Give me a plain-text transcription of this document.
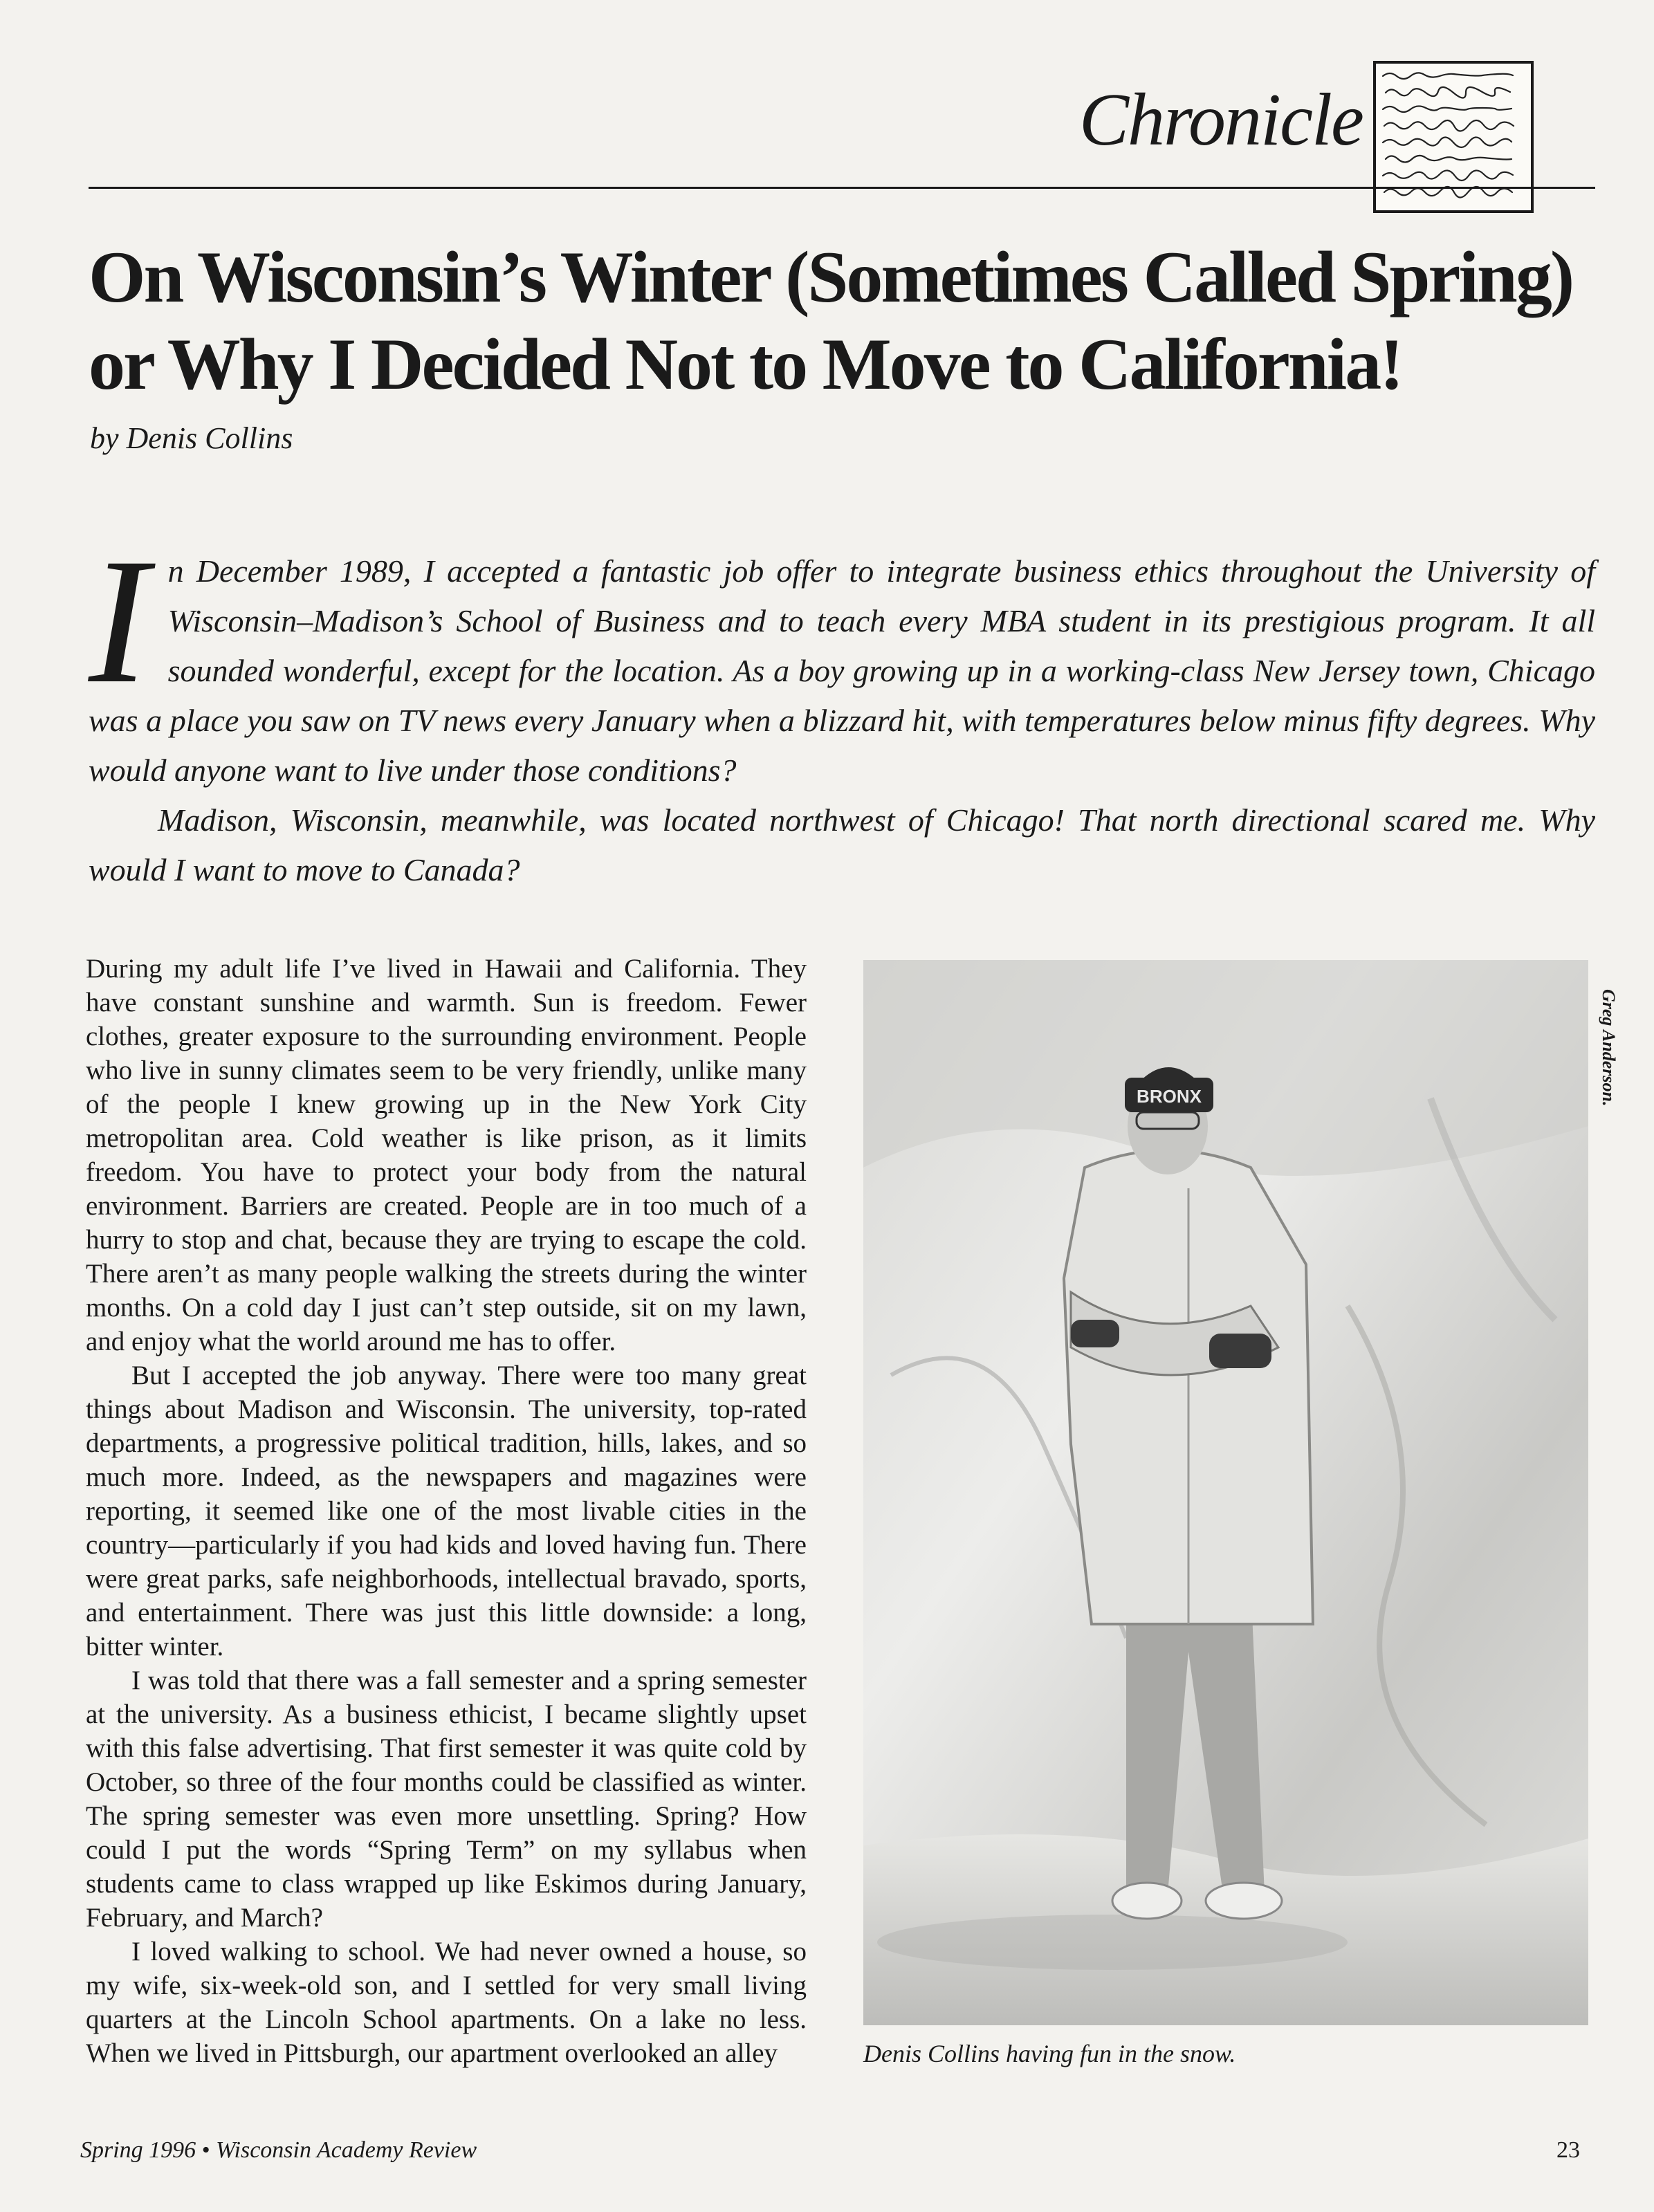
Chronicle
On Wisconsin’s Winter (Sometimes Called Spring) or Why I Decided Not to Move to California!
by Denis Collins

In December 1989, I accepted a fantastic job offer to integrate business ethics throughout the University of Wisconsin–Madison’s School of Business and to teach every MBA student in its prestigious program. It all sounded wonderful, except for the location. As a boy growing up in a working-class New Jersey town, Chicago was a place you saw on TV news every January when a blizzard hit, with temperatures below minus fifty degrees. Why would anyone want to live under those conditions?

Madison, Wisconsin, meanwhile, was located northwest of Chicago! That north directional scared me. Why would I want to move to Canada?

During my adult life I’ve lived in Hawaii and California. They have constant sunshine and warmth. Sun is freedom. Fewer clothes, greater exposure to the surrounding environment. People who live in sunny climates seem to be very friendly, unlike many of the people I knew growing up in the New York City metropolitan area. Cold weather is like prison, as it limits freedom. You have to protect your body from the natural environment. Barriers are created. People are in too much of a hurry to stop and chat, because they are trying to escape the cold. There aren’t as many people walking the streets during the winter months. On a cold day I just can’t step outside, sit on my lawn, and enjoy what the world around me has to offer.

But I accepted the job anyway. There were too many great things about Madison and Wisconsin. The university, top-rated departments, a progressive political tradition, hills, lakes, and so much more. Indeed, as the newspapers and magazines were reporting, it seemed like one of the most livable cities in the country—particularly if you had kids and loved having fun. There were great parks, safe neighborhoods, intellectual bravado, sports, and entertainment. There was just this little downside: a long, bitter winter.

I was told that there was a fall semester and a spring semester at the university. As a business ethicist, I became slightly upset with this false advertising. That first semester it was quite cold by October, so three of the four months could be classified as winter. The spring semester was even more unsettling. Spring? How could I put the words “Spring Term” on my syllabus when students came to class wrapped up like Eskimos during January, February, and March?

I loved walking to school. We had never owned a house, so my wife, six-week-old son, and I settled for very small living quarters at the Lincoln School apartments. On a lake no less. When we lived in Pittsburgh, our apartment overlooked an alley

BRONX	Greg Anderson.
Denis Collins having fun in the snow.
Spring 1996 • Wisconsin Academy Review	23
